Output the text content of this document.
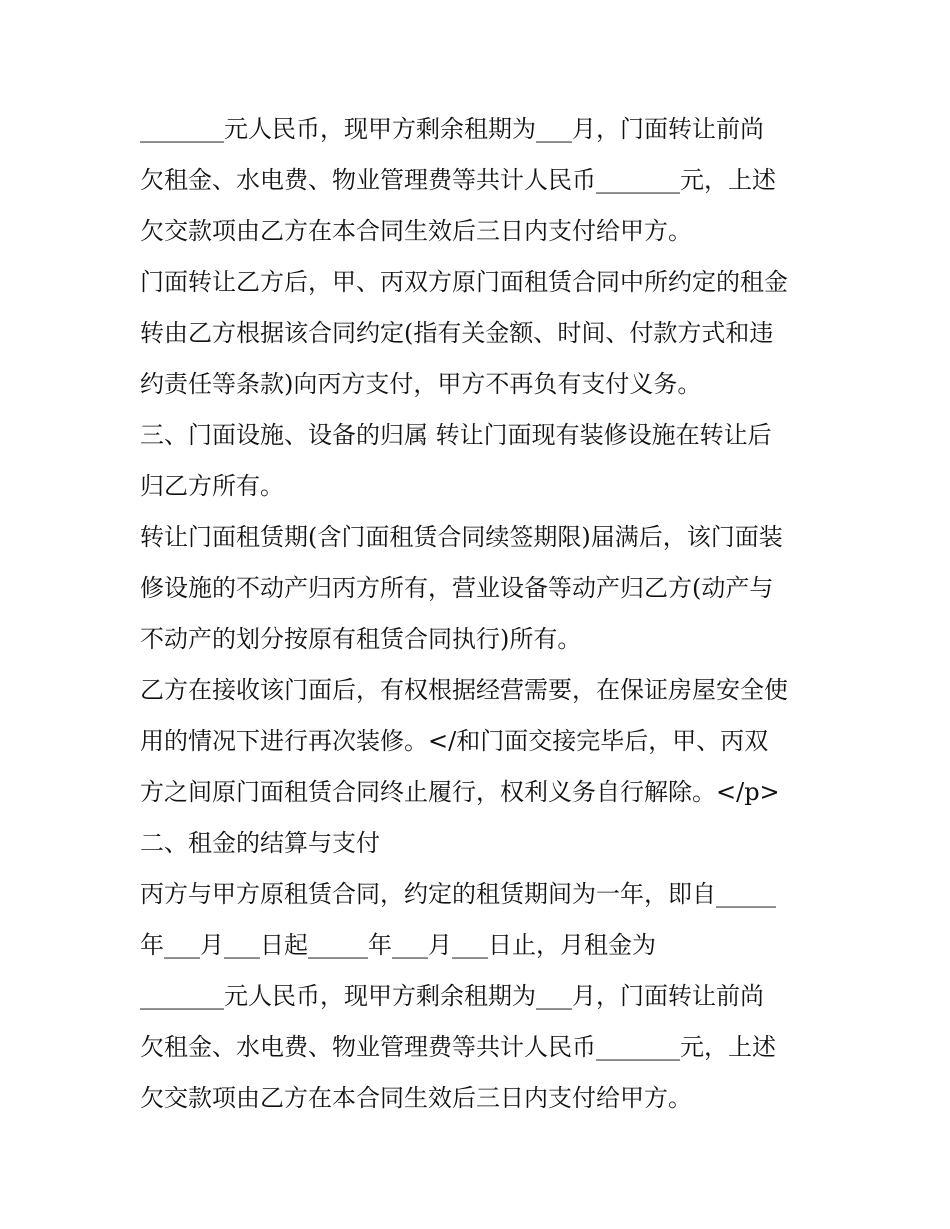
_______元人民币，现甲方剩余租期为___月，门面转让前尚
欠租金、水电费、物业管理费等共计人民币_______元，上述
欠交款项由乙方在本合同生效后三日内支付给甲方。
门面转让乙方后，甲、丙双方原门面租赁合同中所约定的租金
转由乙方根据该合同约定(指有关金额、时间、付款方式和违
约责任等条款)向丙方支付，甲方不再负有支付义务。
三、门面设施、设备的归属 转让门面现有装修设施在转让后
归乙方所有。
转让门面租赁期(含门面租赁合同续签期限)届满后，该门面装
修设施的不动产归丙方所有，营业设备等动产归乙方(动产与
不动产的划分按原有租赁合同执行)所有。
乙方在接收该门面后，有权根据经营需要，在保证房屋安全使
用的情况下进行再次装修。</和门面交接完毕后，甲、丙双
方之间原门面租赁合同终止履行，权利义务自行解除。</p>
二、租金的结算与支付
丙方与甲方原租赁合同，约定的租赁期间为一年，即自_____
年___月___日起_____年___月___日止，月租金为
_______元人民币，现甲方剩余租期为___月，门面转让前尚
欠租金、水电费、物业管理费等共计人民币_______元，上述
欠交款项由乙方在本合同生效后三日内支付给甲方。
